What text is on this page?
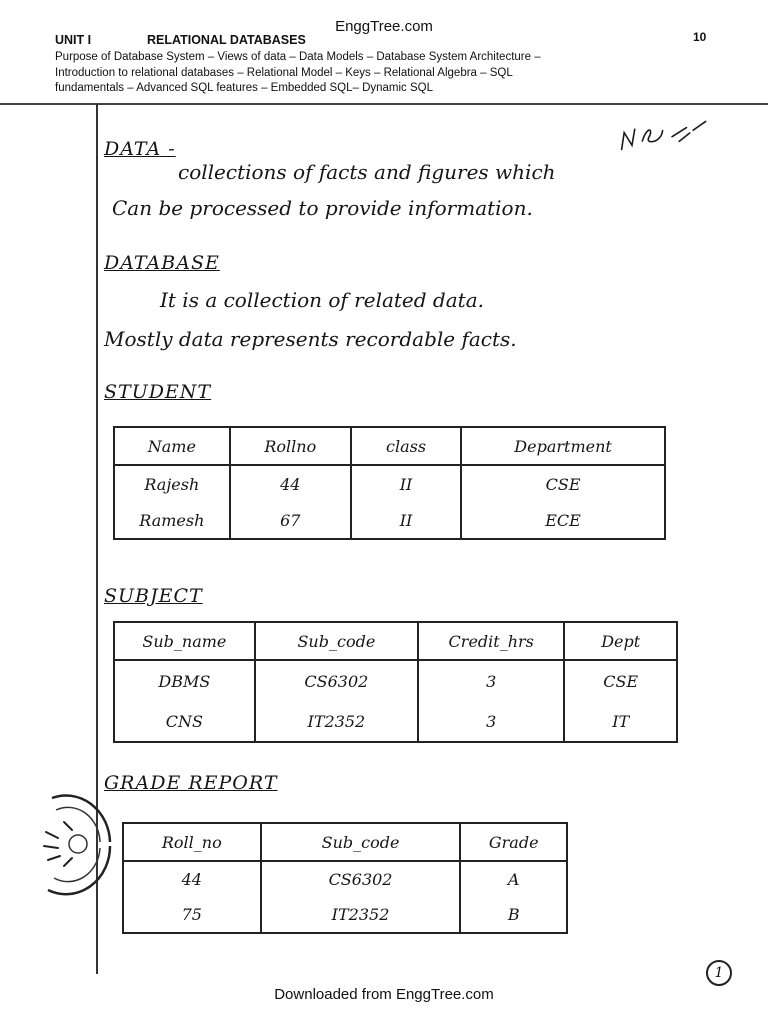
EnggTree.com
UNIT I	RELATIONAL DATABASES	10
Purpose of Database System – Views of data – Data Models – Database System Architecture –
Introduction to relational databases – Relational Model – Keys – Relational Algebra – SQL
fundamentals – Advanced SQL features – Embedded SQL– Dynamic SQL
DATA -
collections of facts and figures which
Can be processed to provide information.
DATABASE
It is a collection of related data.
Mostly data represents recordable facts.
STUDENT
Name	Rollno	class	Department
Rajesh	44	II	CSE
Ramesh	67	II	ECE
SUBJECT
Sub_name	Sub_code	Credit_hrs	Dept
DBMS	CS6302	3	CSE
CNS	IT2352	3	IT
GRADE REPORT
Roll_no	Sub_code	Grade
44	CS6302	A
75	IT2352	B
1
Downloaded from EnggTree.com
